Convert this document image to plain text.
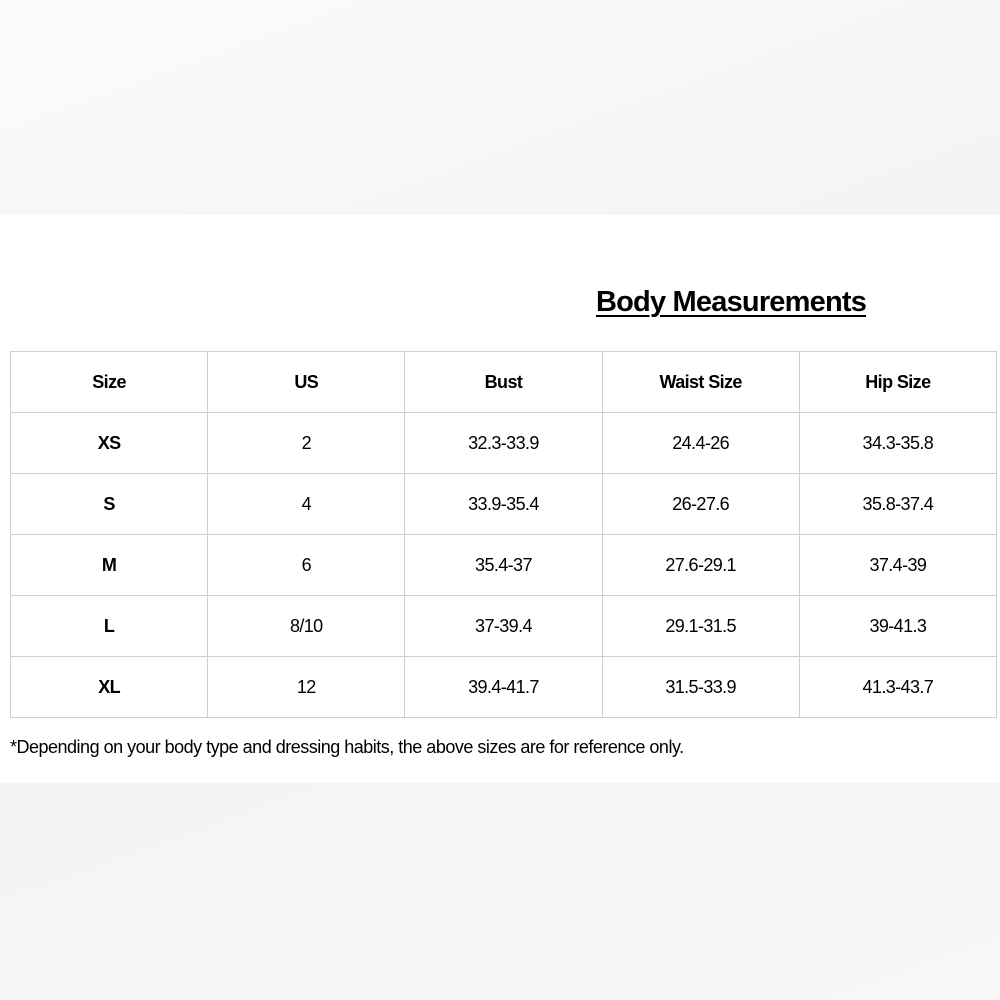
Body Measurements
Size	US	Bust	Waist Size	Hip Size
XS	2	32.3-33.9	24.4-26	34.3-35.8
S	4	33.9-35.4	26-27.6	35.8-37.4
M	6	35.4-37	27.6-29.1	37.4-39
L	8/10	37-39.4	29.1-31.5	39-41.3
XL	12	39.4-41.7	31.5-33.9	41.3-43.7
*Depending on your body type and dressing habits, the above sizes are for reference only.
